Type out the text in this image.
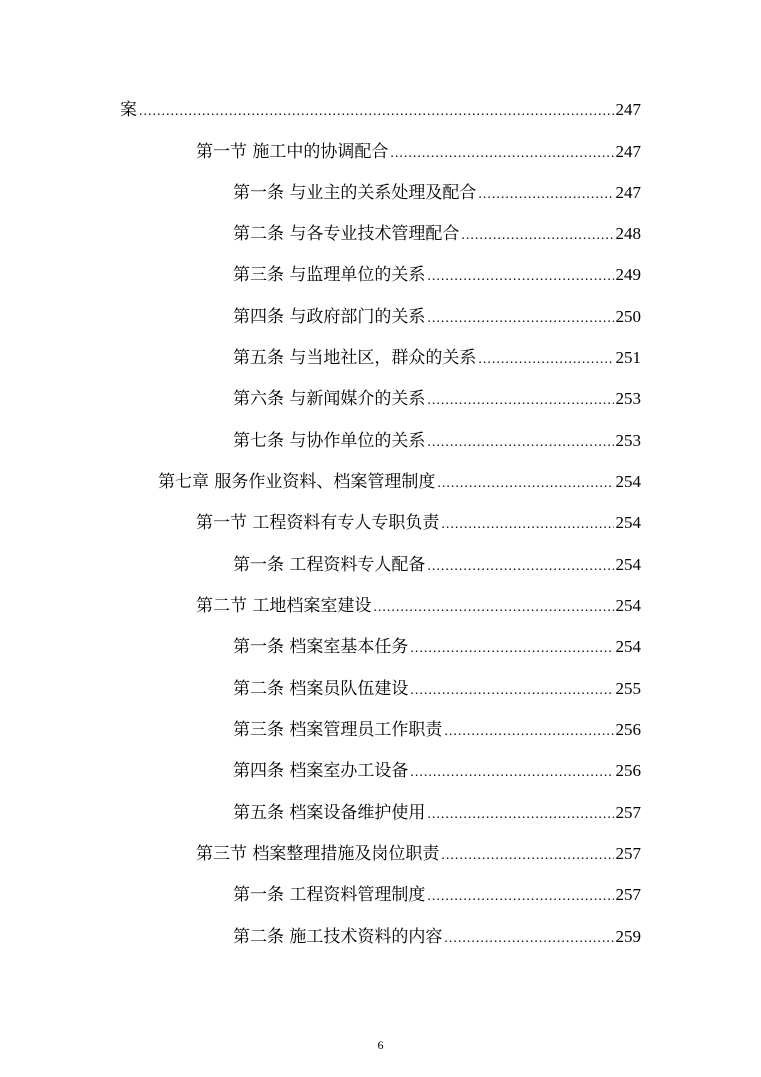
案 .....	247
第一节 施工中的协调配合 .....	247
第一条 与业主的关系处理及配合 .....	247
第二条 与各专业技术管理配合 .....	248
第三条 与监理单位的关系 .....	249
第四条 与政府部门的关系 .....	250
第五条 与当地社区，群众的关系 .....	251
第六条 与新闻媒介的关系 .....	253
第七条 与协作单位的关系 .....	253
第七章 服务作业资料、档案管理制度 .....	254
第一节 工程资料有专人专职负责 .....	254
第一条 工程资料专人配备 .....	254
第二节 工地档案室建设 .....	254
第一条 档案室基本任务 .....	254
第二条 档案员队伍建设 .....	255
第三条 档案管理员工作职责 .....	256
第四条 档案室办工设备 .....	256
第五条 档案设备维护使用 .....	257
第三节 档案整理措施及岗位职责 .....	257
第一条 工程资料管理制度 .....	257
第二条 施工技术资料的内容 .....	259
6
